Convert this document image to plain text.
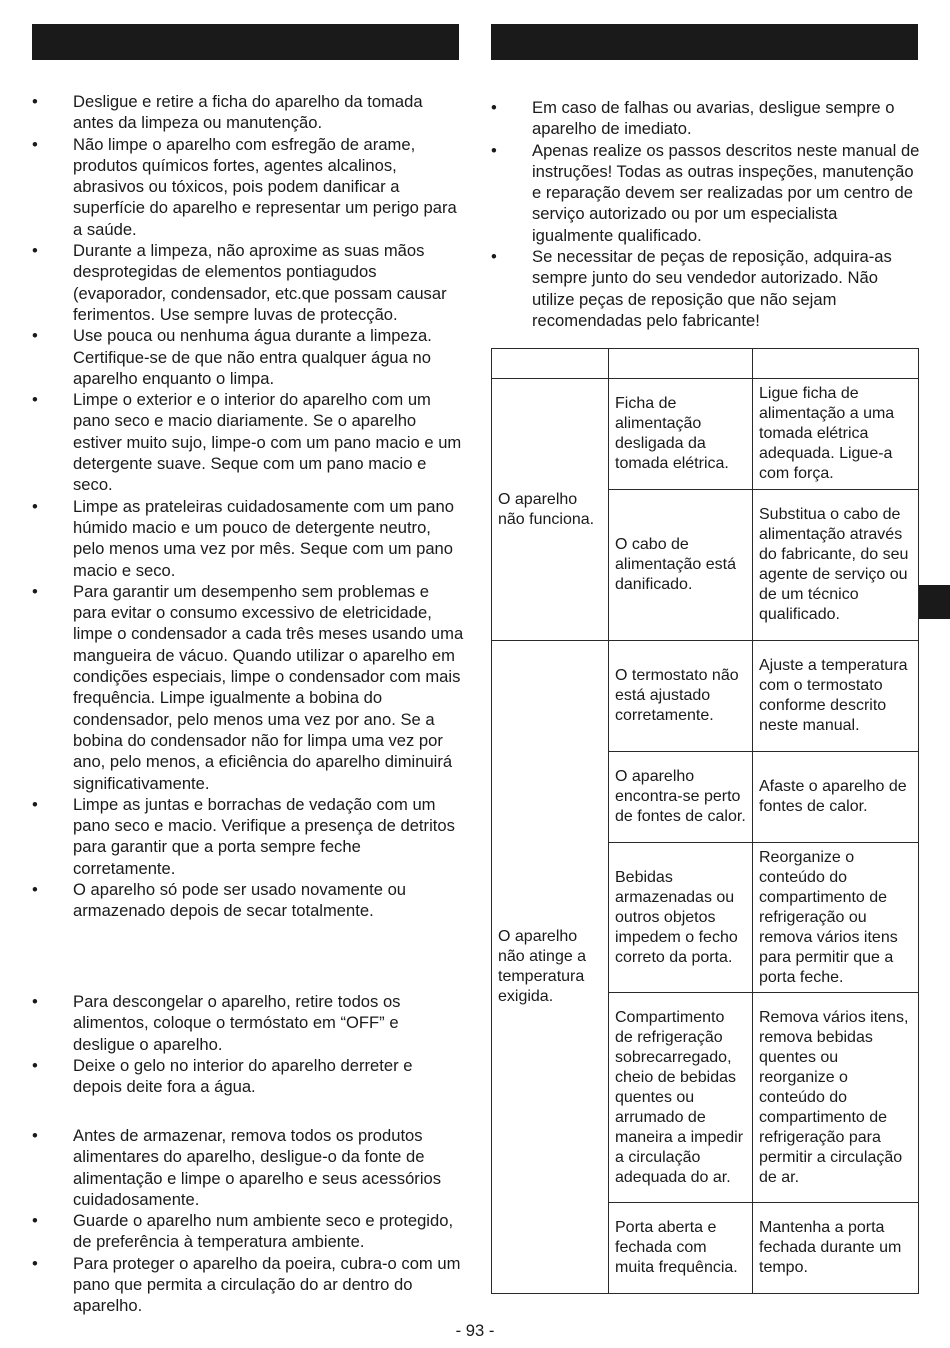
• Desligue e retire a ficha do aparelho da tomada antes da limpeza ou manutenção.
• Não limpe o aparelho com esfregão de arame, produtos químicos fortes, agentes alcalinos, abrasivos ou tóxicos, pois podem danificar a superfície do aparelho e representar um perigo para a saúde.
• Durante a limpeza, não aproxime as suas mãos desprotegidas de elementos pontiagudos (evaporador, condensador, etc.que possam causar ferimentos. Use sempre luvas de protecção.
• Use pouca ou nenhuma água durante a limpeza. Certifique-se de que não entra qualquer água no aparelho enquanto o limpa.
• Limpe o exterior e o interior do aparelho com um pano seco e macio diariamente. Se o aparelho estiver muito sujo, limpe-o com um pano macio e um detergente suave. Seque com um pano macio e seco.
• Limpe as prateleiras cuidadosamente com um pano húmido macio e um pouco de detergente neutro, pelo menos uma vez por mês. Seque com um pano macio e seco.
• Para garantir um desempenho sem problemas e para evitar o consumo excessivo de eletricidade, limpe o condensador a cada três meses usando uma mangueira de vácuo. Quando utilizar o aparelho em condições especiais, limpe o condensador com mais frequência. Limpe igualmente a bobina do condensador, pelo menos uma vez por ano. Se a bobina do condensador não for limpa uma vez por ano, pelo menos, a eficiência do aparelho diminuirá significativamente.
• Limpe as juntas e borrachas de vedação com um pano seco e macio. Verifique a presença de detritos para garantir que a porta sempre feche corretamente.
• O aparelho só pode ser usado novamente ou armazenado depois de secar totalmente.
• Para descongelar o aparelho, retire todos os alimentos, coloque o termóstato em “OFF” e desligue o aparelho.
• Deixe o gelo no interior do aparelho derreter e depois deite fora a água.
• Antes de armazenar, remova todos os produtos alimentares do aparelho, desligue-o da fonte de alimentação e limpe o aparelho e seus acessórios cuidadosamente.
• Guarde o aparelho num ambiente seco e protegido, de preferência à temperatura ambiente.
• Para proteger o aparelho da poeira, cubra-o com um pano que permita a circulação do ar dentro do aparelho.
• Em caso de falhas ou avarias, desligue sempre o aparelho de imediato.
• Apenas realize os passos descritos neste manual de instruções! Todas as outras inspeções, manutenção e reparação devem ser realizadas por um centro de serviço autorizado ou por um especialista igualmente qualificado.
• Se necessitar de peças de reposição, adquira-as sempre junto do seu vendedor autorizado. Não utilize peças de reposição que não sejam recomendadas pelo fabricante!

O aparelho não funciona.	Ficha de alimentação desligada da tomada elétrica.	Ligue ficha de alimentação a uma tomada elétrica adequada. Ligue-a com força.
	O cabo de alimentação está danificado.	Substitua o cabo de alimentação através do fabricante, do seu agente de serviço ou de um técnico qualificado.
O aparelho não atinge a temperatura exigida.	O termostato não está ajustado corretamente.	Ajuste a temperatura com o termostato conforme descrito neste manual.
	O aparelho encontra-se perto de fontes de calor.	Afaste o aparelho de fontes de calor.
	Bebidas armazenadas ou outros objetos impedem o fecho correto da porta.	Reorganize o conteúdo do compartimento de refrigeração ou remova vários itens para permitir que a porta feche.
	Compartimento de refrigeração sobrecarregado, cheio de bebidas quentes ou arrumado de maneira a impedir a circulação adequada do ar.	Remova vários itens, remova bebidas quentes ou reorganize o conteúdo do compartimento de refrigeração para permitir a circulação de ar.
	Porta aberta e fechada com muita frequência.	Mantenha a porta fechada durante um tempo.
- 93 -
